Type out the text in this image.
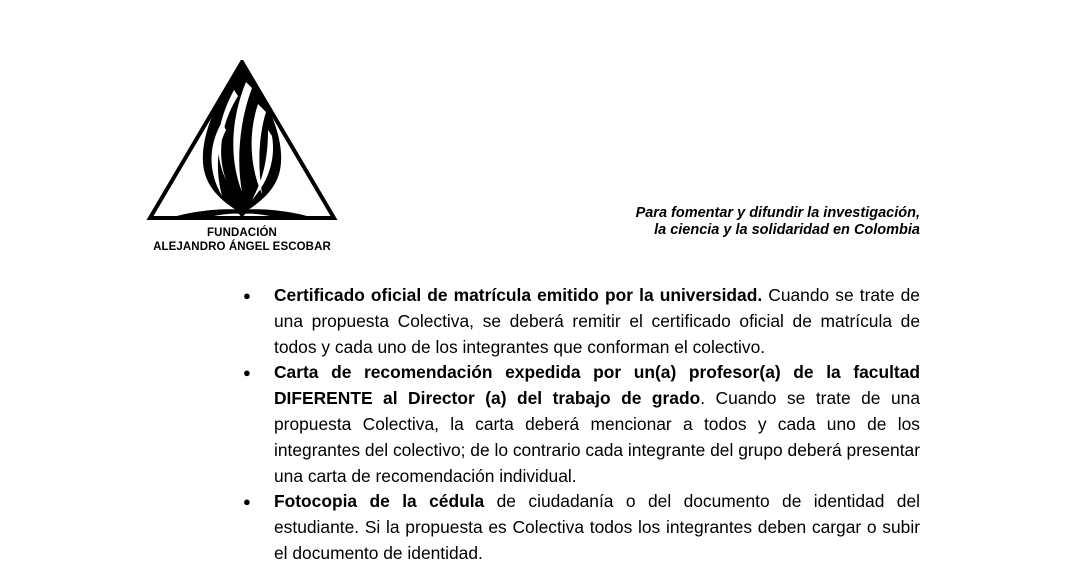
FUNDACIÓN
ALEJANDRO ÁNGEL ESCOBAR
Para fomentar y difundir la investigación,
la ciencia y la solidaridad en Colombia
● Certificado oficial de matrícula emitido por la universidad. Cuando se trate de una propuesta Colectiva, se deberá remitir el certificado oficial de matrícula de todos y cada uno de los integrantes que conforman el colectivo.
● Carta de recomendación expedida por un(a) profesor(a) de la facultad DIFERENTE al Director (a) del trabajo de grado. Cuando se trate de una propuesta Colectiva, la carta deberá mencionar a todos y cada uno de los integrantes del colectivo; de lo contrario cada integrante del grupo deberá presentar una carta de recomendación individual.
● Fotocopia de la cédula de ciudadanía o del documento de identidad del estudiante. Si la propuesta es Colectiva todos los integrantes deben cargar o subir el documento de identidad.
